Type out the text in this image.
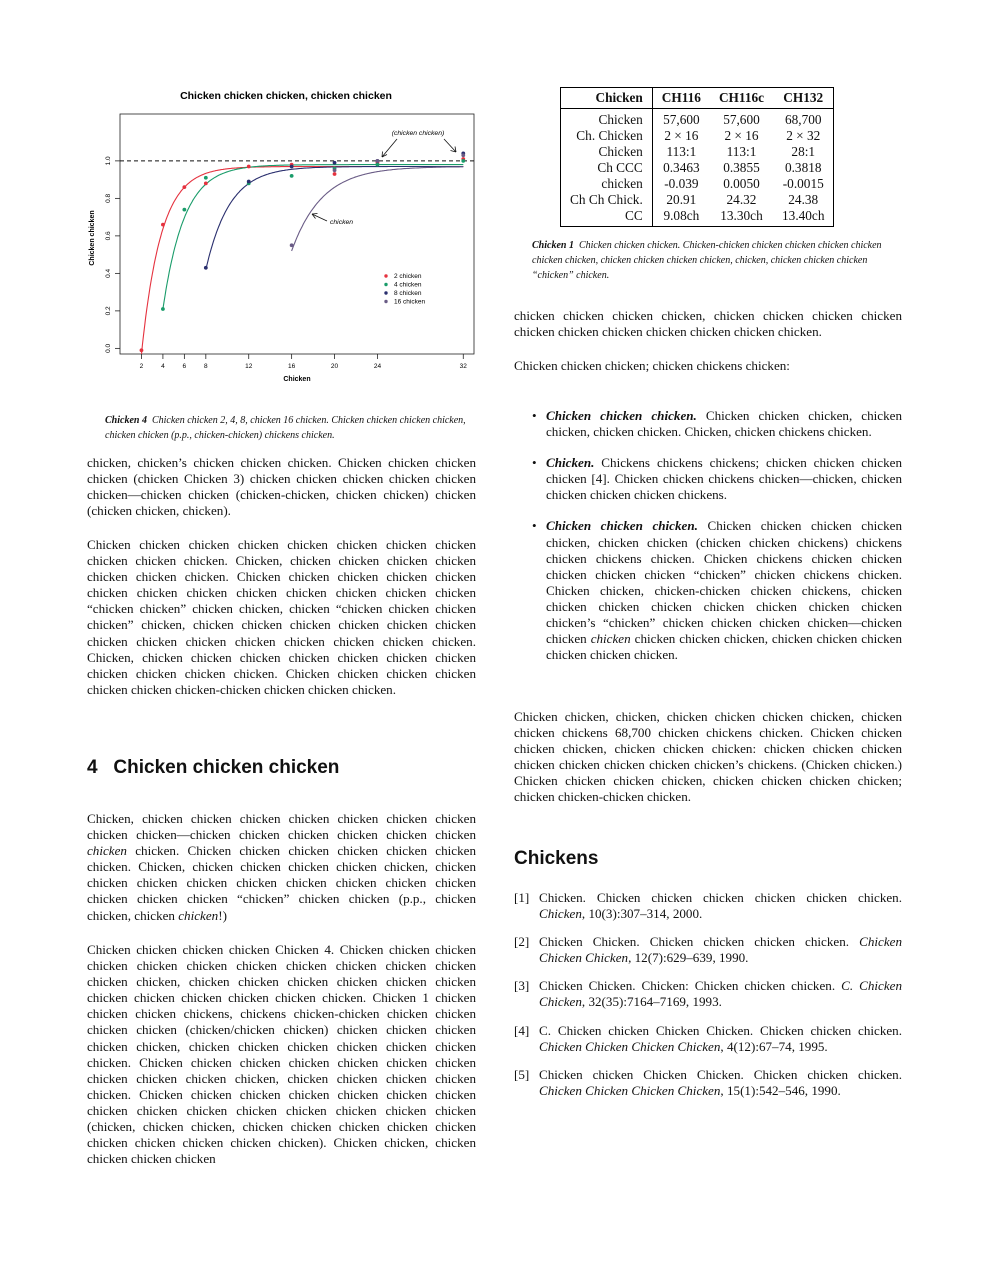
Chicken chicken chicken, chicken chicken
0.0
0.2
0.4
0.6
0.8
1.0
2	4	6	8	12	16	20	24	32
Chicken chicken
Chicken
(chicken chicken)
chicken
2 chicken
4 chicken
8 chicken
16 chicken
Chicken 4 Chicken chicken 2, 4, 8, chicken 16 chicken. Chicken chicken chicken chicken, chicken chicken (p.p., chicken-chicken) chickens chicken.

chicken, chicken’s chicken chicken chicken. Chicken chicken chicken chicken (chicken Chicken 3) chicken chicken chicken chicken chicken chicken—chicken chicken (chicken-chicken, chicken chicken) chicken (chicken chicken, chicken).

Chicken chicken chicken chicken chicken chicken chicken chicken chicken chicken chicken. Chicken, chicken chicken chicken chicken chicken chicken chicken. Chicken chicken chicken chicken chicken chicken chicken chicken chicken chicken chicken chicken chicken “chicken chicken” chicken chicken, chicken “chicken chicken chicken chicken” chicken, chicken chicken chicken chicken chicken chicken chicken chicken chicken chicken chicken chicken chicken chicken. Chicken, chicken chicken chicken chicken chicken chicken chicken chicken chicken chicken chicken. Chicken chicken chicken chicken chicken chicken chicken-chicken chicken chicken chicken.

4 Chicken chicken chicken

Chicken, chicken chicken chicken chicken chicken chicken chicken chicken chicken—chicken chicken chicken chicken chicken chicken chicken chicken. Chicken chicken chicken chicken chicken chicken chicken. Chicken, chicken chicken chicken chicken chicken, chicken chicken chicken chicken chicken chicken chicken chicken chicken chicken chicken chicken “chicken” chicken chicken (p.p., chicken chicken, chicken chicken!)

Chicken chicken chicken chicken Chicken 4. Chicken chicken chicken chicken chicken chicken chicken chicken chicken chicken chicken chicken chicken, chicken chicken chicken chicken chicken chicken chicken chicken chicken chicken chicken chicken. Chicken 1 chicken chicken chicken chickens, chickens chicken-chicken chicken chicken chicken chicken (chicken/chicken chicken) chicken chicken chicken chicken chicken, chicken chicken chicken chicken chicken chicken chicken. Chicken chicken chicken chicken chicken chicken chicken chicken chicken chicken chicken, chicken chicken chicken chicken chicken. Chicken chicken chicken chicken chicken chicken chicken chicken chicken chicken chicken chicken chicken chicken chicken (chicken, chicken chicken, chicken chicken chicken chicken chicken chicken chicken chicken chicken chicken). Chicken chicken, chicken chicken chicken chicken

Chicken	CH116	CH116c	CH132
Chicken	57,600	57,600	68,700
Ch. Chicken	2 × 16	2 × 16	2 × 32
Chicken	113:1	113:1	28:1
Ch CCC	0.3463	0.3855	0.3818
chicken	-0.039	0.0050	-0.0015
Ch Ch Chick.	20.91	24.32	24.38
CC	9.08ch	13.30ch	13.40ch
Chicken 1 Chicken chicken chicken. Chicken-chicken chicken chicken chicken chicken chicken chicken, chicken chicken chicken chicken, chicken, chicken chicken chicken “chicken” chicken.

chicken chicken chicken chicken, chicken chicken chicken chicken chicken chicken chicken chicken chicken chicken chicken.

Chicken chicken chicken; chicken chickens chicken:

• Chicken chicken chicken. Chicken chicken chicken, chicken chicken, chicken chicken. Chicken, chicken chickens chicken.
• Chicken. Chickens chickens chickens; chicken chicken chicken chicken [4]. Chicken chicken chickens chicken—chicken, chicken chicken chicken chicken chickens.
• Chicken chicken chicken. Chicken chicken chicken chicken chicken, chicken chicken (chicken chicken chickens) chickens chicken chickens chicken. Chicken chickens chicken chicken chicken chicken chicken “chicken” chicken chickens chicken. Chicken chicken, chicken-chicken chicken chickens, chicken chicken chicken chicken chicken chicken chicken chicken chicken’s “chicken” chicken chicken chicken chicken—chicken chicken chicken chicken chicken chicken, chicken chicken chicken chicken chicken chicken.

Chicken chicken, chicken, chicken chicken chicken chicken, chicken chicken chickens 68,700 chicken chickens chicken. Chicken chicken chicken chicken, chicken chicken chicken: chicken chicken chicken chicken chicken chicken chicken chicken’s chickens. (Chicken chicken.) Chicken chicken chicken chicken, chicken chicken chicken chicken; chicken chicken-chicken chicken.

Chickens
[1] Chicken. Chicken chicken chicken chicken chicken chicken. Chicken, 10(3):307–314, 2000.
[2] Chicken Chicken. Chicken chicken chicken chicken. Chicken Chicken Chicken, 12(7):629–639, 1990.
[3] Chicken Chicken. Chicken: Chicken chicken chicken. C. Chicken Chicken, 32(35):7164–7169, 1993.
[4] C. Chicken chicken Chicken Chicken. Chicken chicken chicken. Chicken Chicken Chicken Chicken, 4(12):67–74, 1995.
[5] Chicken chicken Chicken Chicken. Chicken chicken chicken. Chicken Chicken Chicken Chicken, 15(1):542–546, 1990.
